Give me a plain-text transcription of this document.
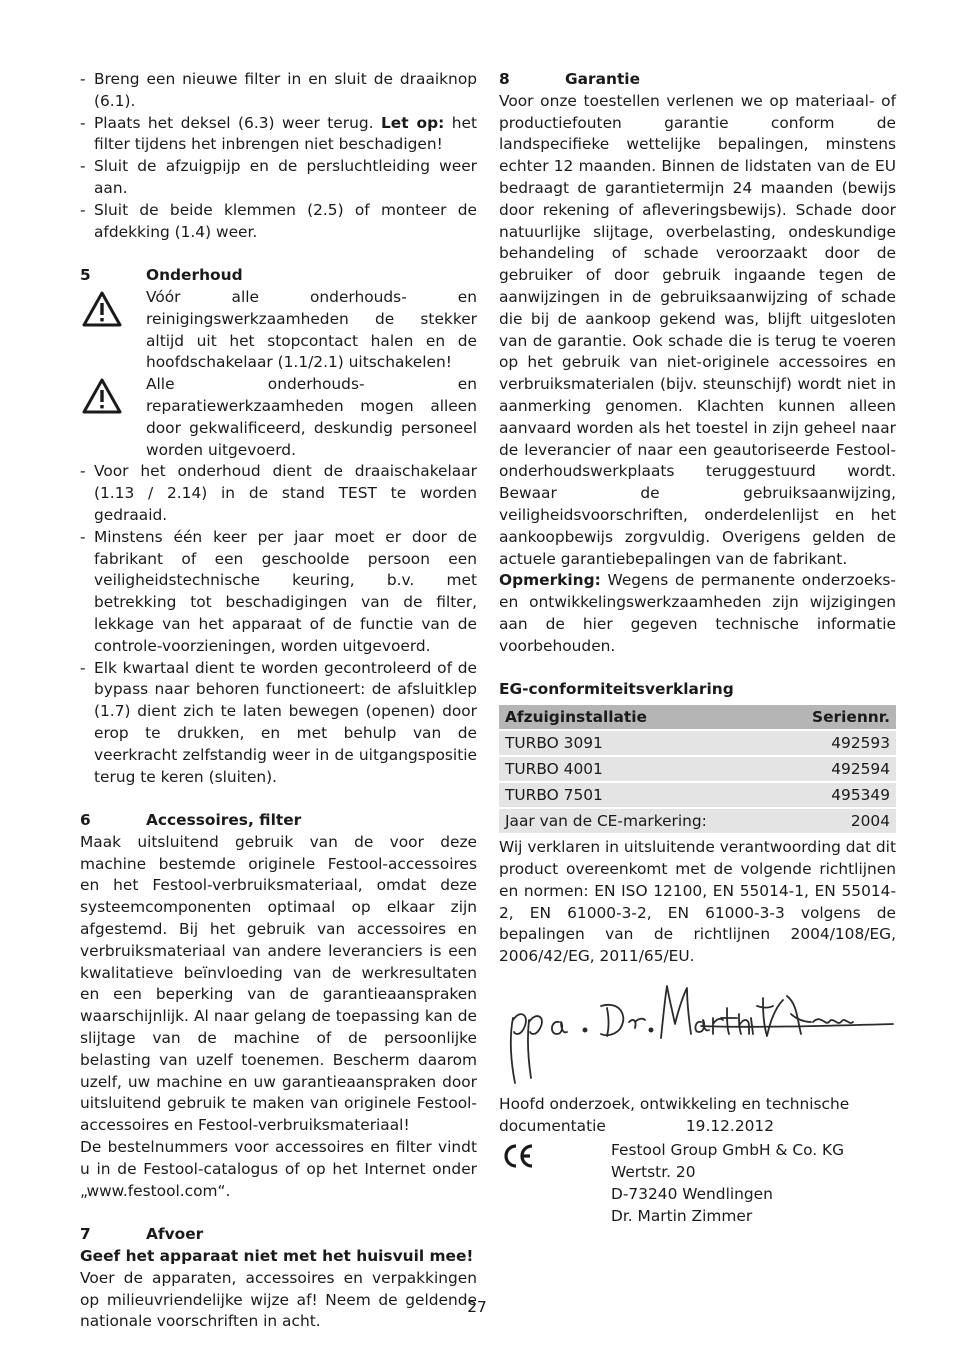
- Breng een nieuwe filter in en sluit de draaiknop (6.1).
- Plaats het deksel (6.3) weer terug. Let op: het filter tijdens het inbrengen niet beschadigen!
- Sluit de afzuigpijp en de persluchtleiding weer aan.
- Sluit de beide klemmen (2.5) of monteer de afdekking (1.4) weer.
5	Onderhoud

Vóór alle onderhouds- en reinigingswerkzaamheden de stekker altijd uit het stopcontact halen en de hoofdschakelaar (1.1/2.1) uitschakelen!

Alle onderhouds- en reparatiewerkzaamheden mogen alleen door gekwalificeerd, deskundig personeel worden uitgevoerd.

- Voor het onderhoud dient de draaischakelaar (1.13 / 2.14) in de stand TEST te worden gedraaid.
- Minstens één keer per jaar moet er door de fabrikant of een geschoolde persoon een veiligheidstechnische keuring, b.v. met betrekking tot beschadigingen van de filter, lekkage van het apparaat of de functie van de controle-voorzieningen, worden uitgevoerd.
- Elk kwartaal dient te worden gecontroleerd of de bypass naar behoren functioneert: de afsluitklep (1.7) dient zich te laten bewegen (openen) door erop te drukken, en met behulp van de veerkracht zelfstandig weer in de uitgangspositie terug te keren (sluiten).
6	Accessoires, filter

Maak uitsluitend gebruik van de voor deze machine bestemde originele Festool-accessoires en het Festool-verbruiksmateriaal, omdat deze systeemcomponenten optimaal op elkaar zijn afgestemd. Bij het gebruik van accessoires en verbruiksmateriaal van andere leveranciers is een kwalitatieve beïnvloeding van de werkresultaten en een beperking van de garantieaanspraken waarschijnlijk. Al naar gelang de toepassing kan de slijtage van de machine of de persoonlijke belasting van uzelf toenemen. Bescherm daarom uzelf, uw machine en uw garantieaanspraken door uitsluitend gebruik te maken van originele Festool-accessoires en Festool-verbruiksmateriaal!

De bestelnummers voor accessoires en filter vindt u in de Festool-catalogus of op het Internet onder „www.festool.com“.

7	Afvoer

Geef het apparaat niet met het huisvuil mee!

Voer de apparaten, accessoires en verpakkingen op milieuvriendelijke wijze af! Neem de geldende nationale voorschriften in acht.

8	Garantie

Voor onze toestellen verlenen we op materiaal- of productiefouten garantie conform de landspecifieke wettelijke bepalingen, minstens echter 12 maanden. Binnen de lidstaten van de EU bedraagt de garantietermijn 24 maanden (bewijs door rekening of afleveringsbewijs). Schade door natuurlijke slijtage, overbelasting, ondeskundige behandeling of schade veroorzaakt door de gebruiker of door gebruik ingaande tegen de aanwijzingen in de gebruiksaanwijzing of schade die bij de aankoop gekend was, blijft uitgesloten van de garantie. Ook schade die is terug te voeren op het gebruik van niet-originele accessoires en verbruiksmaterialen (bijv. steunschijf) wordt niet in aanmerking genomen. Klachten kunnen alleen aanvaard worden als het toestel in zijn geheel naar de leverancier of naar een geautoriseerde Festool-onderhoudswerkplaats teruggestuurd wordt. Bewaar de gebruiksaanwijzing, veiligheidsvoorschriften, onderdelenlijst en het aankoopbewijs zorgvuldig. Overigens gelden de actuele garantiebepalingen van de fabrikant.

Opmerking: Wegens de permanente onderzoeks- en ontwikkelingswerkzaamheden zijn wijzigingen aan de hier gegeven technische informatie voorbehouden.

EG-conformiteitsverklaring
Afzuiginstallatie	Seriennr.
TURBO 3091	492593
TURBO 4001	492594
TURBO 7501	495349
Jaar van de CE-markering:	2004

Wij verklaren in uitsluitende verantwoording dat dit product overeenkomt met de volgende richtlijnen en normen: EN ISO 12100, EN 55014-1, EN 55014-2, EN 61000-3-2, EN 61000-3-3 volgens de bepalingen van de richtlijnen 2004/108/EG, 2006/42/EG, 2011/65/EU.

Hoofd onderzoek, ontwikkeling en technische documentatie	19.12.2012

Festool Group GmbH & Co. KG
Wertstr. 20
D-73240 Wendlingen
Dr. Martin Zimmer
27
